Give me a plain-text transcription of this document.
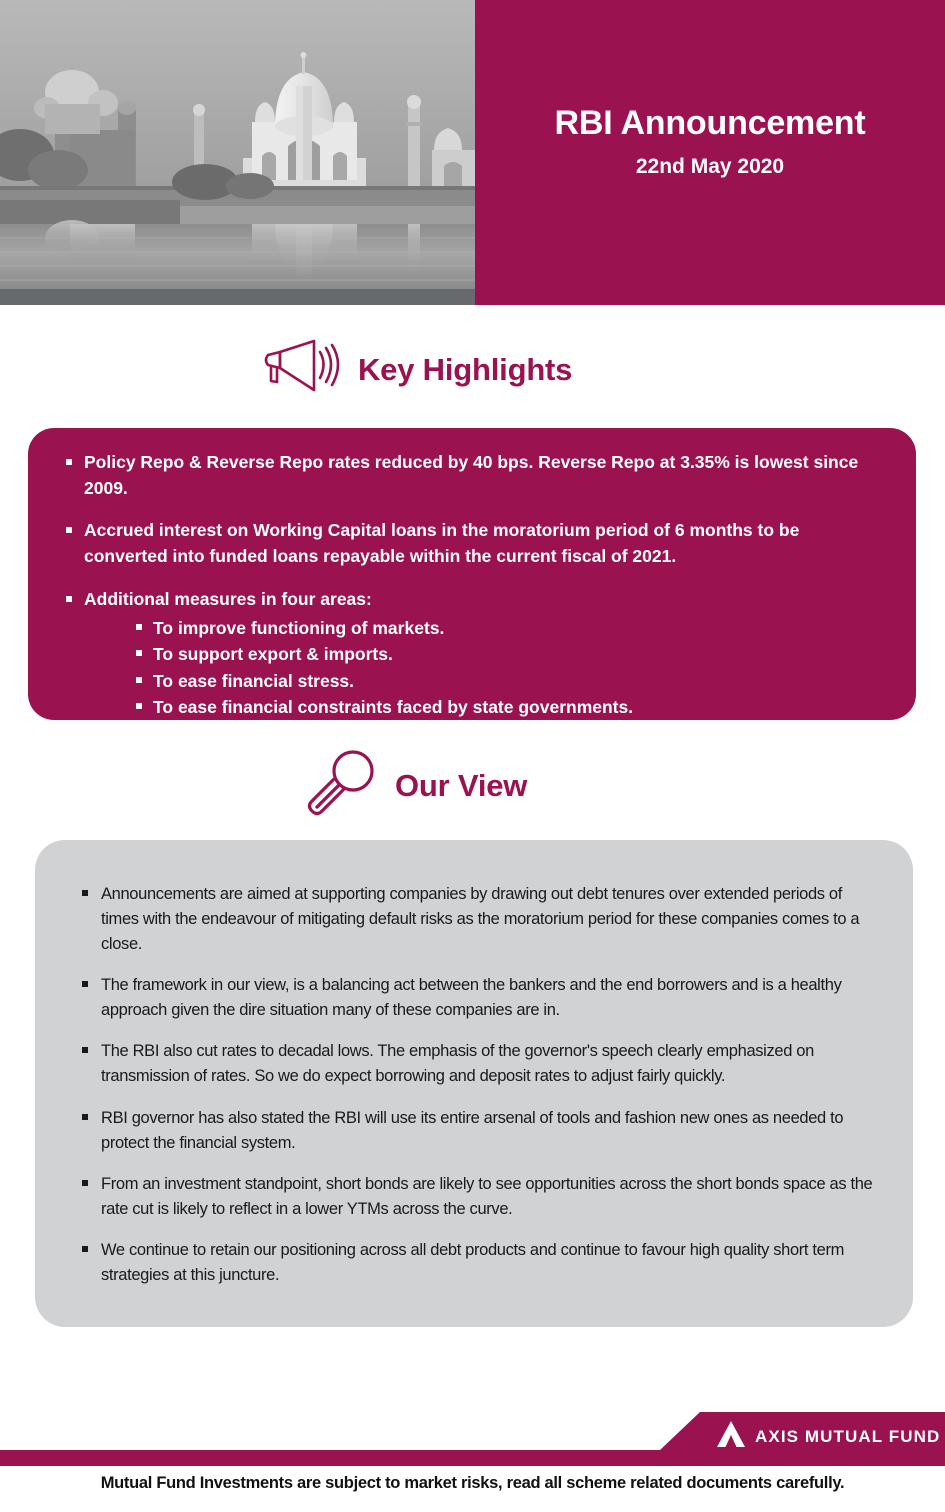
RBI Announcement
22nd May 2020
Key Highlights
Policy Repo & Reverse Repo rates reduced by 40 bps. Reverse Repo at 3.35% is lowest since 2009.
Accrued interest on Working Capital loans in the moratorium period of 6 months to be converted into funded loans repayable within the current fiscal of 2021.
Additional measures in four areas:
To improve functioning of markets.
To support export & imports.
To ease financial stress.
To ease financial constraints faced by state governments.
Our View
Announcements are aimed at supporting companies by drawing out debt tenures over extended periods of times with the endeavour of mitigating default risks as the moratorium period for these companies comes to a close.
The framework in our view, is a balancing act between the bankers and the end borrowers and is a healthy approach given the dire situation many of these companies are in.
The RBI also cut rates to decadal lows. The emphasis of the governor's speech clearly emphasized on transmission of rates. So we do expect borrowing and deposit rates to adjust fairly quickly.
RBI governor has also stated the RBI will use its entire arsenal of tools and fashion new ones as needed to protect the financial system.
From an investment standpoint, short bonds are likely to see opportunities across the short bonds space as the rate cut is likely to reflect in a lower YTMs across the curve.
We continue to retain our positioning across all debt products and continue to favour high quality short term strategies at this juncture.
AXIS MUTUAL FUND
Mutual Fund Investments are subject to market risks, read all scheme related documents carefully.
